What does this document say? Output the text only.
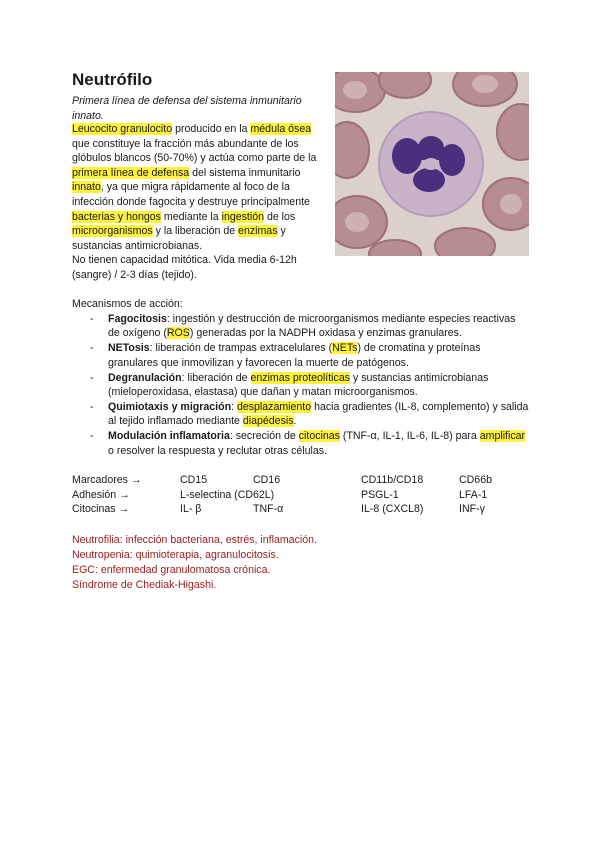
Neutrófilo
Primera línea de defensa del sistema inmunitario innato.
Leucocito granulocito producido en la médula ósea que constituye la fracción más abundante de los glóbulos blancos (50-70%) y actúa como parte de la primera línea de defensa del sistema inmunitario innato, ya que migra rápidamente al foco de la infección donde fagocita y destruye principalmente bacterias y hongos mediante la ingestión de los microorganismos y la liberación de enzimas y sustancias antimicrobianas.
No tienen capacidad mitótica. Vida media 6-12h (sangre) / 2-3 días (tejido).
Mecanismos de acción:
- Fagocitosis: ingestión y destrucción de microorganismos mediante especies reactivas de oxígeno (ROS) generadas por la NADPH oxidasa y enzimas granulares.
- NETosis: liberación de trampas extracelulares (NETs) de cromatina y proteínas granulares que inmovilizan y favorecen la muerte de patógenos.
- Degranulación: liberación de enzimas proteolíticas y sustancias antimicrobianas (mieloperoxidasa, elastasa) que dañan y matan microorganismos.
- Quimiotaxis y migración: desplazamiento hacia gradientes (IL-8, complemento) y salida al tejido inflamado mediante diapédesis.
- Modulación inflamatoria: secreción de citocinas (TNF-α, IL-1, IL-6, IL-8) para amplificar o resolver la respuesta y reclutar otras células.
Marcadores →	CD15	CD16	CD11b/CD18	CD66b
Adhesión →	L-selectina (CD62L)		PSGL-1	LFA-1
Citocinas →	IL- β	TNF-α	IL-8 (CXCL8)	INF-γ
Neutrofilia: infección bacteriana, estrés, inflamación.
Neutropenia: quimioterapia, agranulocitosis.
EGC: enfermedad granulomatosa crónica.
Síndrome de Chediak-Higashi.
